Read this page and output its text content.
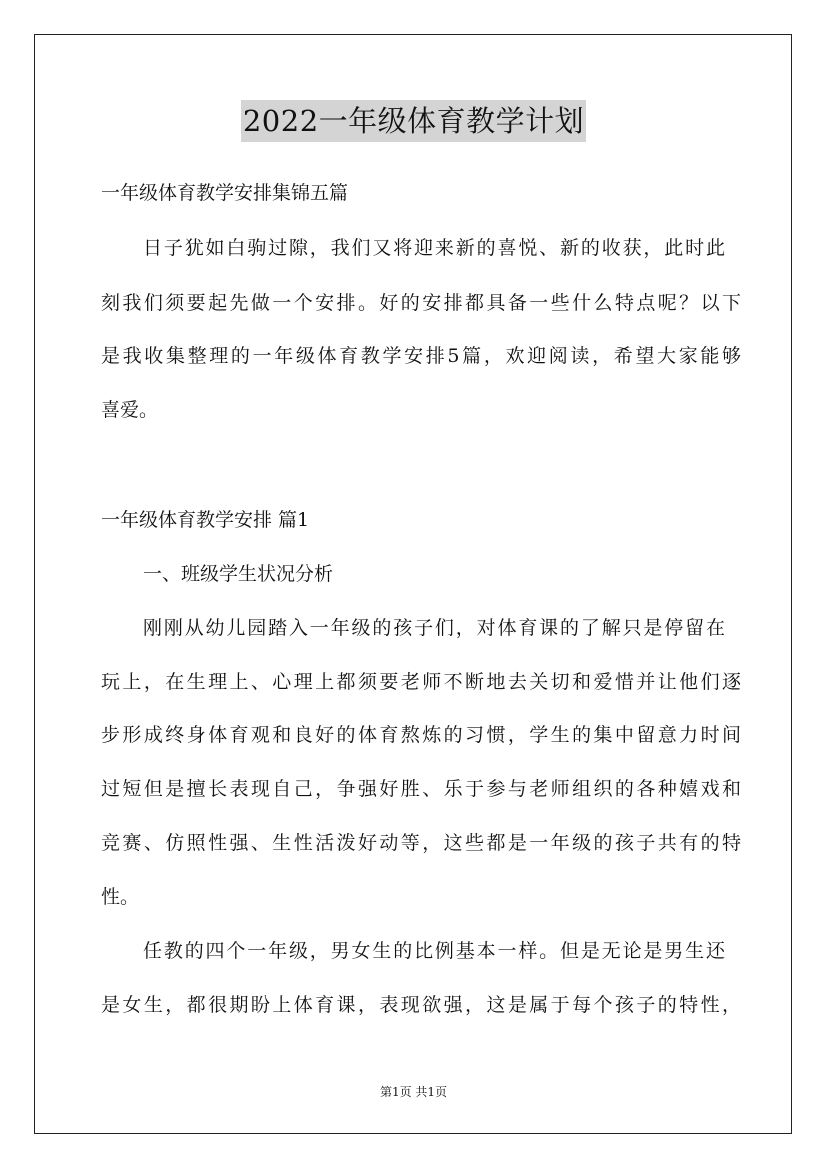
2022一年级体育教学计划
一年级体育教学安排集锦五篇
日子犹如白驹过隙，我们又将迎来新的喜悦、新的收获，此时此
刻我们须要起先做一个安排。好的安排都具备一些什么特点呢？以下
是我收集整理的一年级体育教学安排5篇，欢迎阅读，希望大家能够
喜爱。
一年级体育教学安排 篇1
一、班级学生状况分析
刚刚从幼儿园踏入一年级的孩子们，对体育课的了解只是停留在
玩上，在生理上、心理上都须要老师不断地去关切和爱惜并让他们逐
步形成终身体育观和良好的体育熬炼的习惯，学生的集中留意力时间
过短但是擅长表现自己，争强好胜、乐于参与老师组织的各种嬉戏和
竞赛、仿照性强、生性活泼好动等，这些都是一年级的孩子共有的特
性。
任教的四个一年级，男女生的比例基本一样。但是无论是男生还
是女生，都很期盼上体育课，表现欲强，这是属于每个孩子的特性，
第1页 共1页
